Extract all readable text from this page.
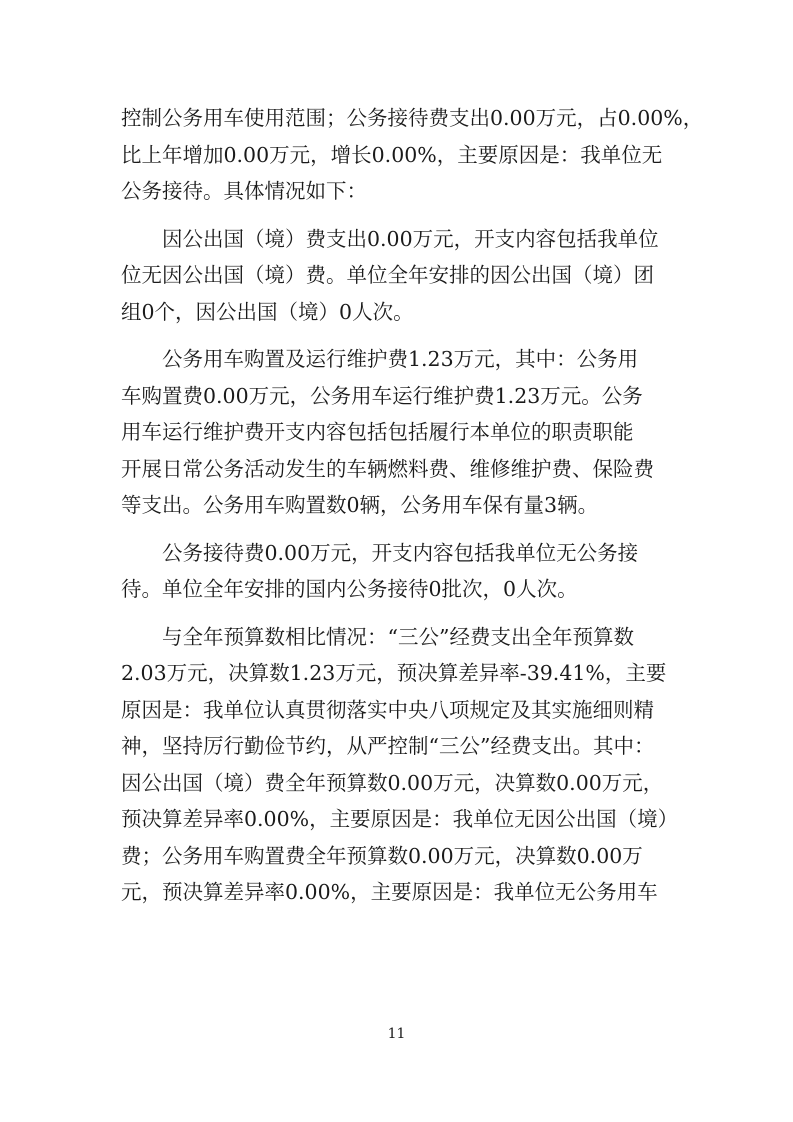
控制公务用车使用范围；公务接待费支出0.00万元，占0.00%，
比上年增加0.00万元，增长0.00%，主要原因是：我单位无
公务接待。具体情况如下：
因公出国（境）费支出0.00万元，开支内容包括我单位
位无因公出国（境）费。单位全年安排的因公出国（境）团
组0个，因公出国（境）0人次。
公务用车购置及运行维护费1.23万元，其中：公务用
车购置费0.00万元，公务用车运行维护费1.23万元。公务
用车运行维护费开支内容包括包括履行本单位的职责职能
开展日常公务活动发生的车辆燃料费、维修维护费、保险费
等支出。公务用车购置数0辆，公务用车保有量3辆。
公务接待费0.00万元，开支内容包括我单位无公务接
待。单位全年安排的国内公务接待0批次，0人次。
与全年预算数相比情况：“三公”经费支出全年预算数
2.03万元，决算数1.23万元，预决算差异率-39.41%，主要
原因是：我单位认真贯彻落实中央八项规定及其实施细则精
神，坚持厉行勤俭节约，从严控制“三公”经费支出。其中：
因公出国（境）费全年预算数0.00万元，决算数0.00万元，
预决算差异率0.00%，主要原因是：我单位无因公出国（境）
费；公务用车购置费全年预算数0.00万元，决算数0.00万
元，预决算差异率0.00%，主要原因是：我单位无公务用车
11
